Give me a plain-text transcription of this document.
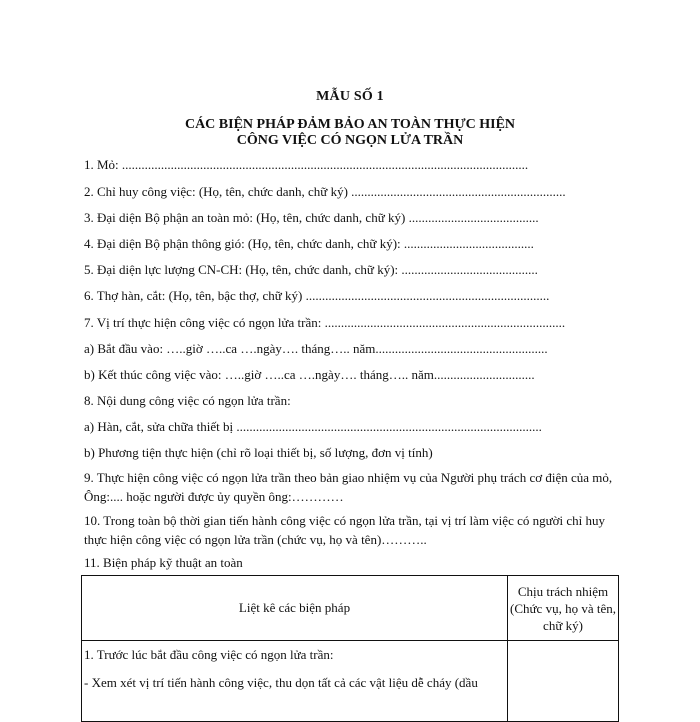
MẪU SỐ 1
CÁC BIỆN PHÁP ĐẢM BẢO AN TOÀN THỰC HIỆN
CÔNG VIỆC CÓ NGỌN LỬA TRẦN
1. Mỏ: .............................................................................................................................
2. Chỉ huy công việc: (Họ, tên, chức danh, chữ ký) ..................................................................
3. Đại diện Bộ phận an toàn mỏ: (Họ, tên, chức danh, chữ ký) ........................................
4. Đại diện Bộ phận thông gió: (Họ, tên, chức danh, chữ ký): ........................................
5. Đại diện lực lượng CN-CH: (Họ, tên, chức danh, chữ ký): ..........................................
6. Thợ hàn, cắt: (Họ, tên, bậc thợ, chữ ký) ...........................................................................
7. Vị trí thực hiện công việc có ngọn lửa trần: ..........................................................................
a) Bắt đầu vào: …..giờ …..ca ….ngày…. tháng….. năm.....................................................
b) Kết thúc công việc vào: …..giờ …..ca ….ngày…. tháng….. năm...............................
8. Nội dung công việc có ngọn lửa trần:
a) Hàn, cắt, sửa chữa thiết bị ..............................................................................................
b) Phương tiện thực hiện (chỉ rõ loại thiết bị, số lượng, đơn vị tính)
9. Thực hiện công việc có ngọn lửa trần theo bản giao nhiệm vụ của Người phụ trách cơ điện của mỏ, Ông:.... hoặc người được ủy quyền ông:…………
10. Trong toàn bộ thời gian tiến hành công việc có ngọn lửa trần, tại vị trí làm việc có người chỉ huy thực hiện công việc có ngọn lửa trần (chức vụ, họ và tên)………..
11. Biện pháp kỹ thuật an toàn
Liệt kê các biện pháp	Chịu trách nhiệm (Chức vụ, họ và tên, chữ ký)

1. Trước lúc bắt đầu công việc có ngọn lửa trần:
- Xem xét vị trí tiến hành công việc, thu dọn tất cả các vật liệu dễ cháy (dầu	
